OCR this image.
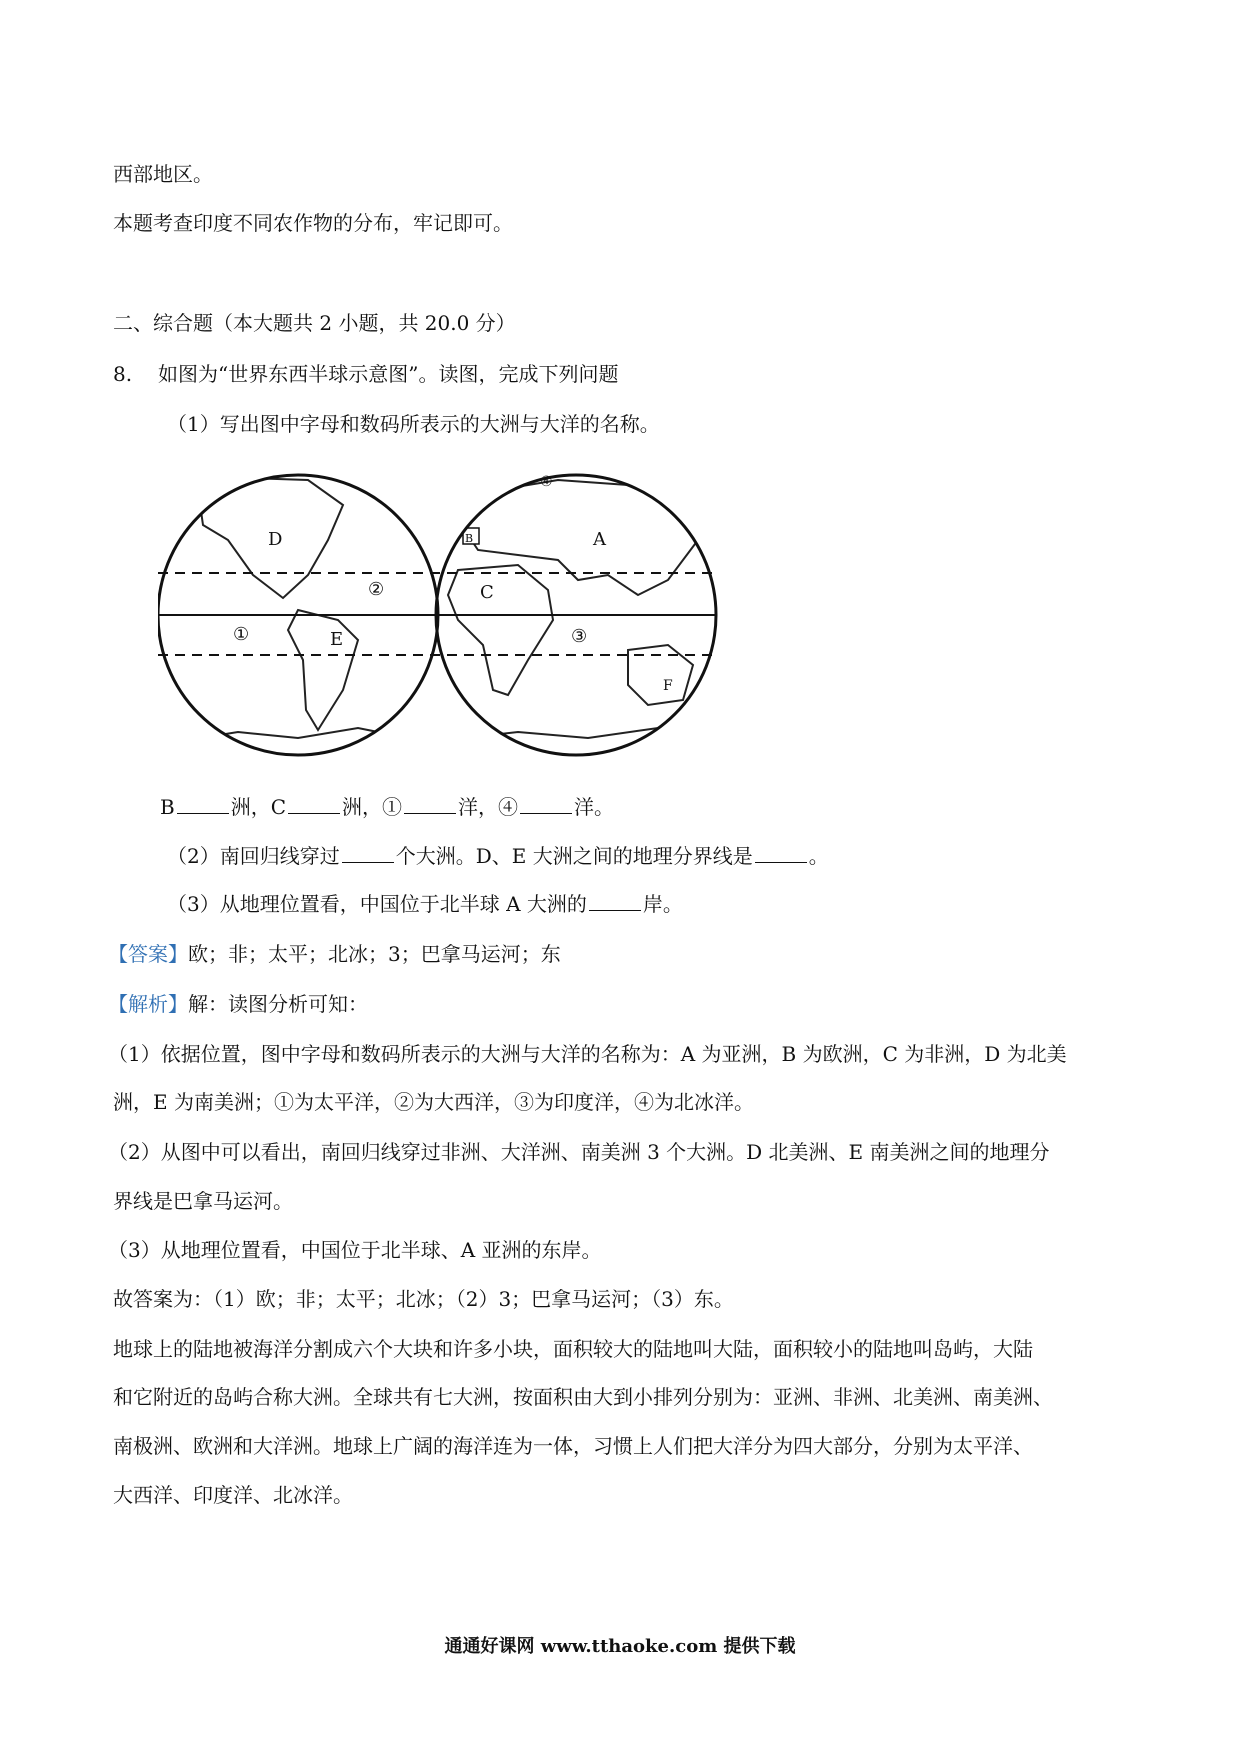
西部地区。
本题考查印度不同农作物的分布，牢记即可。
二、综合题（本大题共 2 小题，共 20.0 分）
8. 如图为“世界东西半球示意图”。读图，完成下列问题
（1）写出图中字母和数码所表示的大洲与大洋的名称。
D
②
①	E
B
④
A
C
③
F
B	洲，C	洲，①	洋，④	洋。
（2）南回归线穿过	个大洲。D、E 大洲之间的地理分界线是	。
（3）从地理位置看，中国位于北半球 A 大洲的	岸。
【答案】欧；非；太平；北冰；3；巴拿马运河；东
【解析】解：读图分析可知：
（1）依据位置，图中字母和数码所表示的大洲与大洋的名称为：A 为亚洲，B 为欧洲，C 为非洲，D 为北美
洲，E 为南美洲；①为太平洋，②为大西洋，③为印度洋，④为北冰洋。
（2）从图中可以看出，南回归线穿过非洲、大洋洲、南美洲 3 个大洲。D 北美洲、E 南美洲之间的地理分
界线是巴拿马运河。
（3）从地理位置看，中国位于北半球、A 亚洲的东岸。
故答案为：（1）欧；非；太平；北冰；（2）3；巴拿马运河；（3）东。
地球上的陆地被海洋分割成六个大块和许多小块，面积较大的陆地叫大陆，面积较小的陆地叫岛屿，大陆
和它附近的岛屿合称大洲。全球共有七大洲，按面积由大到小排列分别为：亚洲、非洲、北美洲、南美洲、
南极洲、欧洲和大洋洲。地球上广阔的海洋连为一体，习惯上人们把大洋分为四大部分，分别为太平洋、
大西洋、印度洋、北冰洋。
通通好课网 www.tthaoke.com 提供下载
